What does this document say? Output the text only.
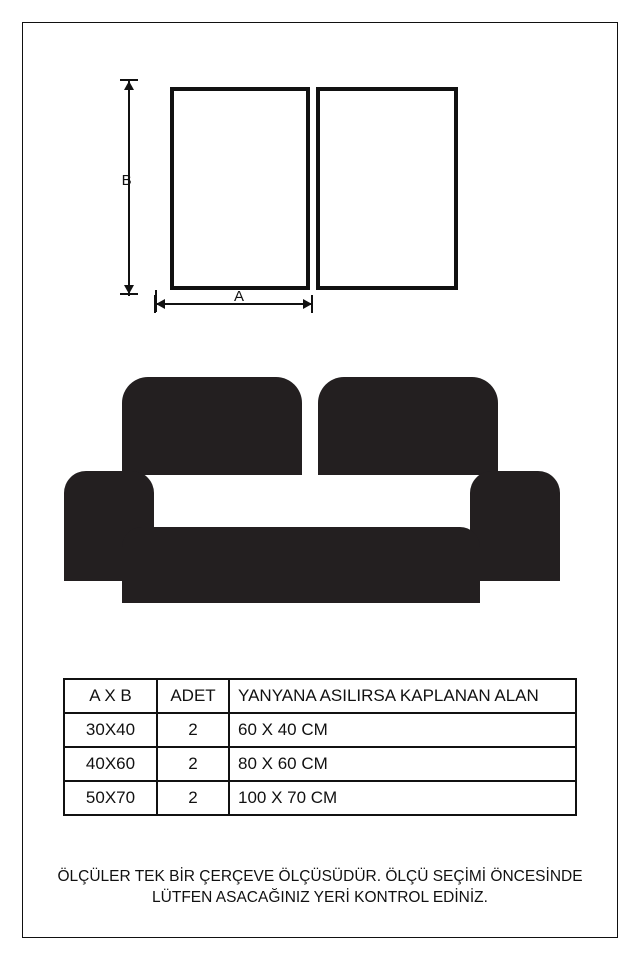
B
A
A X B	ADET	YANYANA ASILIRSA KAPLANAN ALAN
30X40	2	60 X 40 CM
40X60	2	80 X 60 CM
50X70	2	100 X 70 CM
ÖLÇÜLER TEK BİR ÇERÇEVE ÖLÇÜSÜDÜR. ÖLÇÜ SEÇİMİ ÖNCESİNDE
LÜTFEN ASACAĞINIZ YERİ KONTROL EDİNİZ.
